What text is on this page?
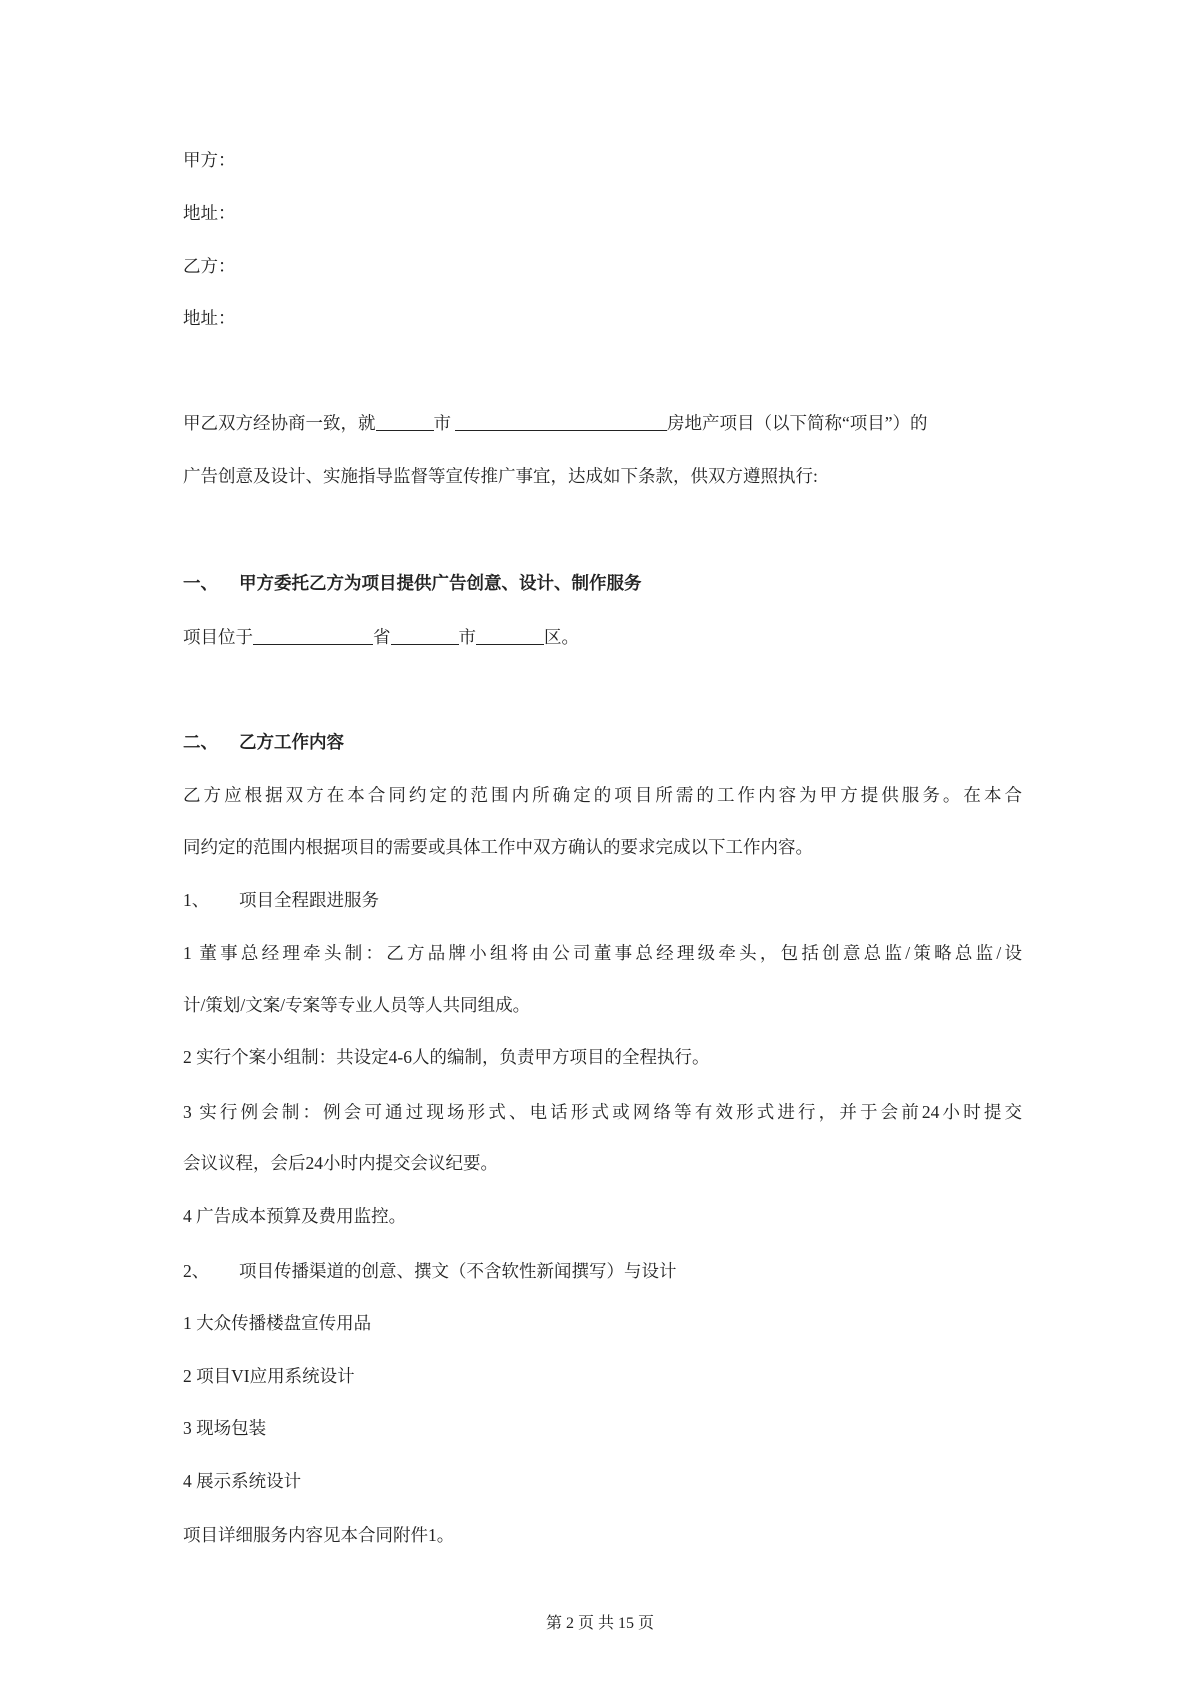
甲方：
地址：
乙方：
地址：
甲乙双方经协商一致，就	市	房地产项目（以下简称“项目”）的
广告创意及设计、实施指导监督等宣传推广事宜，达成如下条款，供双方遵照执行:
一、 甲方委托乙方为项目提供广告创意、设计、制作服务
项目位于	省	市	区。
二、 乙方工作内容
乙方应根据双方在本合同约定的范围内所确定的项目所需的工作内容为甲方提供服务。在本合
同约定的范围内根据项目的需要或具体工作中双方确认的要求完成以下工作内容。
1、 项目全程跟进服务
1 董事总经理牵头制：乙方品牌小组将由公司董事总经理级牵头，包括创意总监/策略总监/设
计/策划/文案/专案等专业人员等人共同组成。
2 实行个案小组制：共设定4-6人的编制，负责甲方项目的全程执行。
3 实行例会制：例会可通过现场形式、电话形式或网络等有效形式进行，并于会前24小时提交
会议议程，会后24小时内提交会议纪要。
4 广告成本预算及费用监控。
2、 项目传播渠道的创意、撰文（不含软性新闻撰写）与设计
1 大众传播楼盘宣传用品
2 项目VI应用系统设计
3 现场包装
4 展示系统设计
项目详细服务内容见本合同附件1。
第 2 页 共 15 页
